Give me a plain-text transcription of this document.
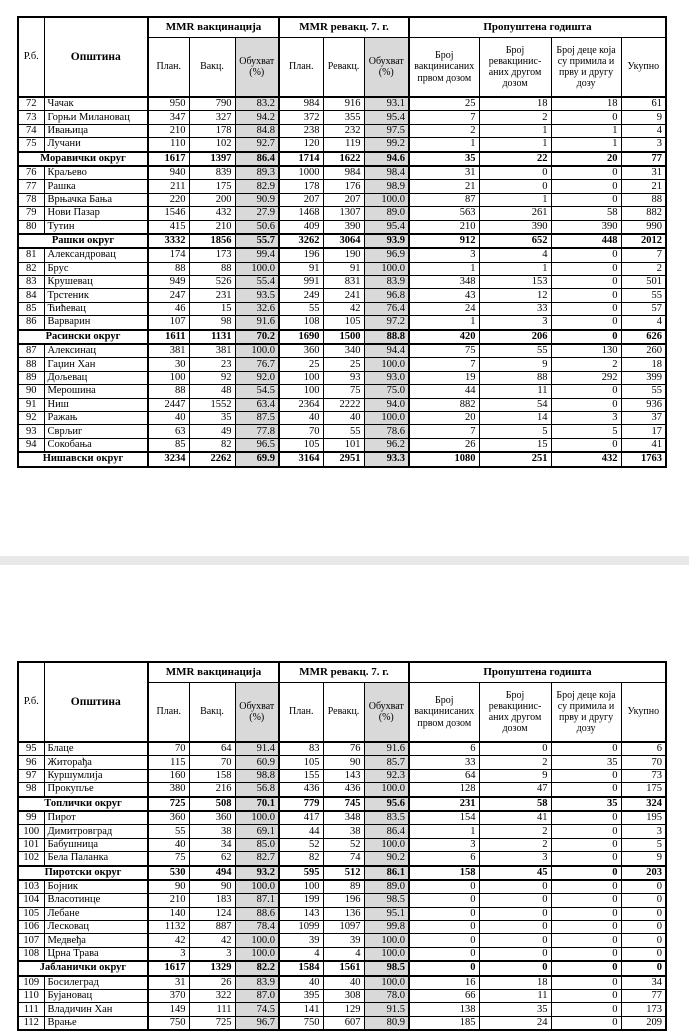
Р.б.	Општина	MMR вакцинација			MMR ревакц. 7. г.			Пропуштена годишта			
		План.	Вакц.	Обухват (%)	План.	Ревакц.	Обухват (%)	Број вакцинисаних првом дозом	Број ревакцинис-аних другом дозом	Број деце која су примила и прву и другу дозу	Укупно
72	Чачак	950	790	83.2	984	916	93.1	25	18	18	61
73	Горњи Милановац	347	327	94.2	372	355	95.4	7	2	0	9
74	Ивањица	210	178	84.8	238	232	97.5	2	1	1	4
75	Лучани	110	102	92.7	120	119	99.2	1	1	1	3
Моравички округ		1617	1397	86.4	1714	1622	94.6	35	22	20	77
76	Краљево	940	839	89.3	1000	984	98.4	31	0	0	31
77	Рашка	211	175	82.9	178	176	98.9	21	0	0	21
78	Врњачка Бања	220	200	90.9	207	207	100.0	87	1	0	88
79	Нови Пазар	1546	432	27.9	1468	1307	89.0	563	261	58	882
80	Тутин	415	210	50.6	409	390	95.4	210	390	390	990
Рашки округ		3332	1856	55.7	3262	3064	93.9	912	652	448	2012
81	Александровац	174	173	99.4	196	190	96.9	3	4	0	7
82	Брус	88	88	100.0	91	91	100.0	1	1	0	2
83	Крушевац	949	526	55.4	991	831	83.9	348	153	0	501
84	Трстеник	247	231	93.5	249	241	96.8	43	12	0	55
85	Ћићевац	46	15	32.6	55	42	76.4	24	33	0	57
86	Варварин	107	98	91.6	108	105	97.2	1	3	0	4
Расински округ		1611	1131	70.2	1690	1500	88.8	420	206	0	626
87	Алексинац	381	381	100.0	360	340	94.4	75	55	130	260
88	Гаџин Хан	30	23	76.7	25	25	100.0	7	9	2	18
89	Дољевац	100	92	92.0	100	93	93.0	19	88	292	399
90	Мерошина	88	48	54.5	100	75	75.0	44	11	0	55
91	Ниш	2447	1552	63.4	2364	2222	94.0	882	54	0	936
92	Ражањ	40	35	87.5	40	40	100.0	20	14	3	37
93	Сврљиг	63	49	77.8	70	55	78.6	7	5	5	17
94	Сокобања	85	82	96.5	105	101	96.2	26	15	0	41
Нишавски округ		3234	2262	69.9	3164	2951	93.3	1080	251	432	1763
Р.б.	Општина	MMR вакцинација			MMR ревакц. 7. г.			Пропуштена годишта			
		План.	Вакц.	Обухват (%)	План.	Ревакц.	Обухват (%)	Број вакцинисаних првом дозом	Број ревакцинис-аних другом дозом	Број деце која су примила и прву и другу дозу	Укупно
95	Блаце	70	64	91.4	83	76	91.6	6	0	0	6
96	Житорађа	115	70	60.9	105	90	85.7	33	2	35	70
97	Куршумлија	160	158	98.8	155	143	92.3	64	9	0	73
98	Прокупље	380	216	56.8	436	436	100.0	128	47	0	175
Топлички округ		725	508	70.1	779	745	95.6	231	58	35	324
99	Пирот	360	360	100.0	417	348	83.5	154	41	0	195
100	Димитровград	55	38	69.1	44	38	86.4	1	2	0	3
101	Бабушница	40	34	85.0	52	52	100.0	3	2	0	5
102	Бела Паланка	75	62	82.7	82	74	90.2	6	3	0	9
Пиротски округ		530	494	93.2	595	512	86.1	158	45	0	203
103	Бојник	90	90	100.0	100	89	89.0	0	0	0	0
104	Власотинце	210	183	87.1	199	196	98.5	0	0	0	0
105	Лебане	140	124	88.6	143	136	95.1	0	0	0	0
106	Лесковац	1132	887	78.4	1099	1097	99.8	0	0	0	0
107	Медвеђа	42	42	100.0	39	39	100.0	0	0	0	0
108	Црна Трава	3	3	100.0	4	4	100.0	0	0	0	0
Јабланички округ		1617	1329	82.2	1584	1561	98.5	0	0	0	0
109	Босилеград	31	26	83.9	40	40	100.0	16	18	0	34
110	Бујановац	370	322	87.0	395	308	78.0	66	11	0	77
111	Владичин Хан	149	111	74.5	141	129	91.5	138	35	0	173
112	Врање	750	725	96.7	750	607	80.9	185	24	0	209
